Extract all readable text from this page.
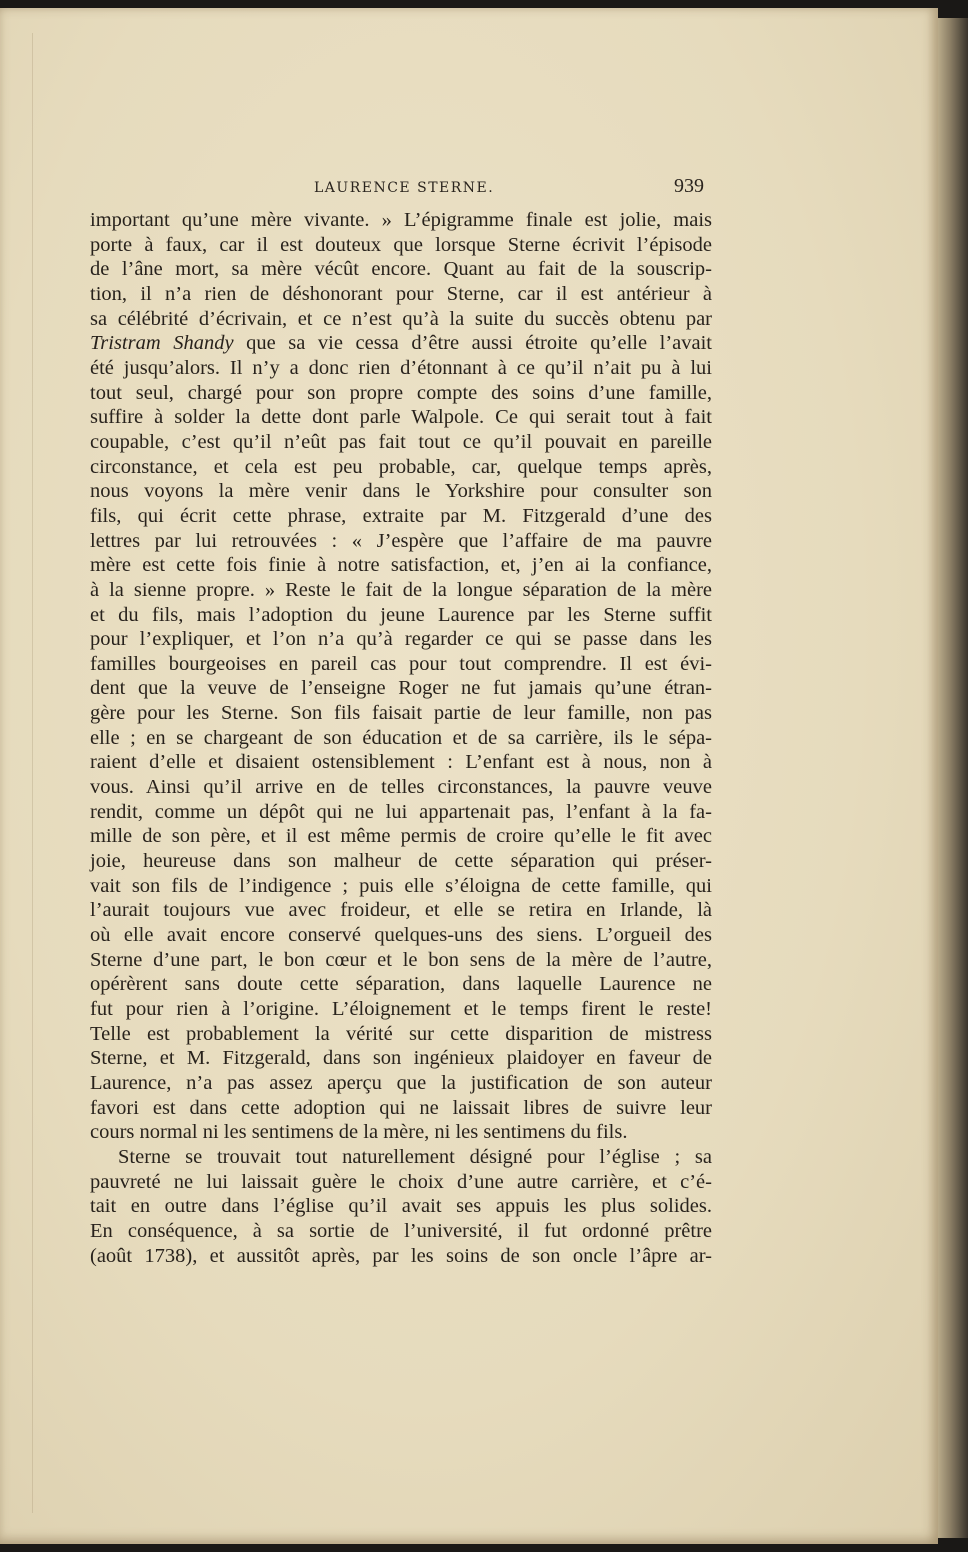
LAURENCE STERNE.	939
important qu’une mère vivante. » L’épigramme finale est jolie, mais
porte à faux, car il est douteux que lorsque Sterne écrivit l’épisode
de l’âne mort, sa mère vécût encore. Quant au fait de la souscrip-
tion, il n’a rien de déshonorant pour Sterne, car il est antérieur à
sa célébrité d’écrivain, et ce n’est qu’à la suite du succès obtenu par
Tristram Shandy que sa vie cessa d’être aussi étroite qu’elle l’avait
été jusqu’alors. Il n’y a donc rien d’étonnant à ce qu’il n’ait pu à lui
tout seul, chargé pour son propre compte des soins d’une famille,
suffire à solder la dette dont parle Walpole. Ce qui serait tout à fait
coupable, c’est qu’il n’eût pas fait tout ce qu’il pouvait en pareille
circonstance, et cela est peu probable, car, quelque temps après,
nous voyons la mère venir dans le Yorkshire pour consulter son
fils, qui écrit cette phrase, extraite par M. Fitzgerald d’une des
lettres par lui retrouvées : « J’espère que l’affaire de ma pauvre
mère est cette fois finie à notre satisfaction, et, j’en ai la confiance,
à la sienne propre. » Reste le fait de la longue séparation de la mère
et du fils, mais l’adoption du jeune Laurence par les Sterne suffit
pour l’expliquer, et l’on n’a qu’à regarder ce qui se passe dans les
familles bourgeoises en pareil cas pour tout comprendre. Il est évi-
dent que la veuve de l’enseigne Roger ne fut jamais qu’une étran-
gère pour les Sterne. Son fils faisait partie de leur famille, non pas
elle ; en se chargeant de son éducation et de sa carrière, ils le sépa-
raient d’elle et disaient ostensiblement : L’enfant est à nous, non à
vous. Ainsi qu’il arrive en de telles circonstances, la pauvre veuve
rendit, comme un dépôt qui ne lui appartenait pas, l’enfant à la fa-
mille de son père, et il est même permis de croire qu’elle le fit avec
joie, heureuse dans son malheur de cette séparation qui préser-
vait son fils de l’indigence ; puis elle s’éloigna de cette famille, qui
l’aurait toujours vue avec froideur, et elle se retira en Irlande, là
où elle avait encore conservé quelques-uns des siens. L’orgueil des
Sterne d’une part, le bon cœur et le bon sens de la mère de l’autre,
opérèrent sans doute cette séparation, dans laquelle Laurence ne
fut pour rien à l’origine. L’éloignement et le temps firent le reste!
Telle est probablement la vérité sur cette disparition de mistress
Sterne, et M. Fitzgerald, dans son ingénieux plaidoyer en faveur de
Laurence, n’a pas assez aperçu que la justification de son auteur
favori est dans cette adoption qui ne laissait libres de suivre leur
cours normal ni les sentimens de la mère, ni les sentimens du fils.
Sterne se trouvait tout naturellement désigné pour l’église ; sa
pauvreté ne lui laissait guère le choix d’une autre carrière, et c’é-
tait en outre dans l’église qu’il avait ses appuis les plus solides.
En conséquence, à sa sortie de l’université, il fut ordonné prêtre
(août 1738), et aussitôt après, par les soins de son oncle l’âpre ar-
